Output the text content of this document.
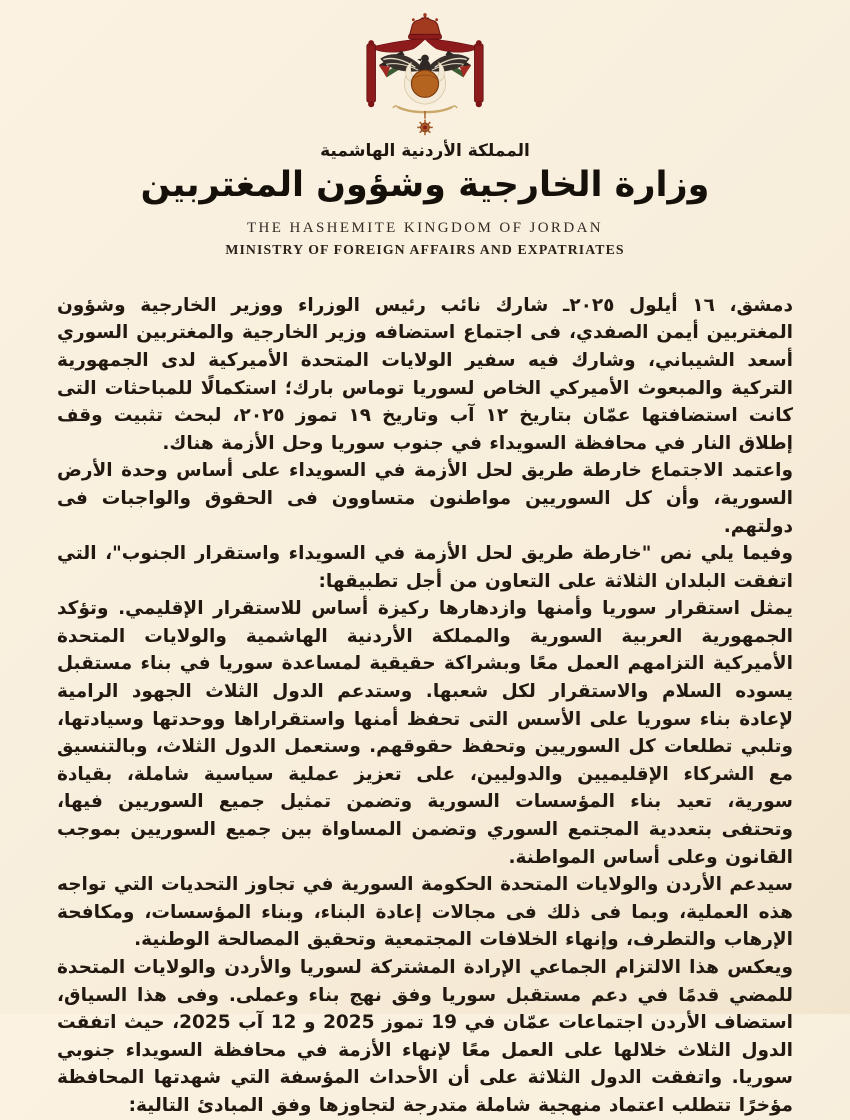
المملكة الأردنية الهاشمية
وزارة الخارجية وشؤون المغتربين
THE HASHEMITE KINGDOM OF JORDAN
MINISTRY OF FOREIGN AFFAIRS AND EXPATRIATES

دمشق، ١٦ أيلول ٢٠٢٥ـ شارك نائب رئيس الوزراء ووزير الخارجية وشؤون المغتربين أيمن الصفدي، فى اجتماع استضافه وزير الخارجية والمغتربين السوري أسعد الشيباني، وشارك فيه سفير الولايات المتحدة الأميركية لدى الجمهورية التركية والمبعوث الأميركي الخاص لسوريا توماس بارك؛ استكمالًا للمباحثات التى كانت استضافتها عمّان بتاريخ ١٢ آب وتاريخ ١٩ تموز ٢٠٢٥، لبحث تثبيت وقف إطلاق النار في محافظة السويداء في جنوب سوريا وحل الأزمة هناك.

واعتمد الاجتماع خارطة طريق لحل الأزمة في السويداء على أساس وحدة الأرض السورية، وأن كل السوريين مواطنون متساوون فى الحقوق والواجبات فى دولتهم.

وفيما يلي نص "خارطة طريق لحل الأزمة في السويداء واستقرار الجنوب"، التي اتفقت البلدان الثلاثة على التعاون من أجل تطبيقها:

يمثل استقرار سوريا وأمنها وازدهارها ركيزة أساس للاستقرار الإقليمي. وتؤكد الجمهورية العربية السورية والمملكة الأردنية الهاشمية والولايات المتحدة الأميركية التزامهم العمل معًا وبشراكة حقيقية لمساعدة سوريا في بناء مستقبل يسوده السلام والاستقرار لكل شعبها. وستدعم الدول الثلاث الجهود الرامية لإعادة بناء سوريا على الأسس التى تحفظ أمنها واستقراراها ووحدتها وسيادتها، وتلبي تطلعات كل السوريين وتحفظ حقوقهم. وستعمل الدول الثلاث، وبالتنسيق مع الشركاء الإقليميين والدوليين، على تعزيز عملية سياسية شاملة، بقيادة سورية، تعيد بناء المؤسسات السورية وتضمن تمثيل جميع السوريين فيها، وتحتفى بتعددية المجتمع السوري وتضمن المساواة بين جميع السوريين بموجب القانون وعلى أساس المواطنة.

سيدعم الأردن والولايات المتحدة الحكومة السورية في تجاوز التحديات التي تواجه هذه العملية، وبما فى ذلك فى مجالات إعادة البناء، وبناء المؤسسات، ومكافحة الإرهاب والتطرف، وإنهاء الخلافات المجتمعية وتحقيق المصالحة الوطنية.

ويعكس هذا الالتزام الجماعي الإرادة المشتركة لسوريا والأردن والولايات المتحدة للمضي قدمًا في دعم مستقبل سوريا وفق نهج بناء وعملى. وفى هذا السياق، استضاف الأردن اجتماعات عمّان في 19 تموز 2025 و 12 آب 2025، حيث اتفقت الدول الثلاث خلالها على العمل معًا لإنهاء الأزمة في محافظة السويداء جنوبي سوريا. واتفقت الدول الثلاثة على أن الأحداث المؤسفة التي شهدتها المحافظة مؤخرًا تتطلب اعتماد منهجية شاملة متدرجة لتجاوزها وفق المبادئ التالية:
